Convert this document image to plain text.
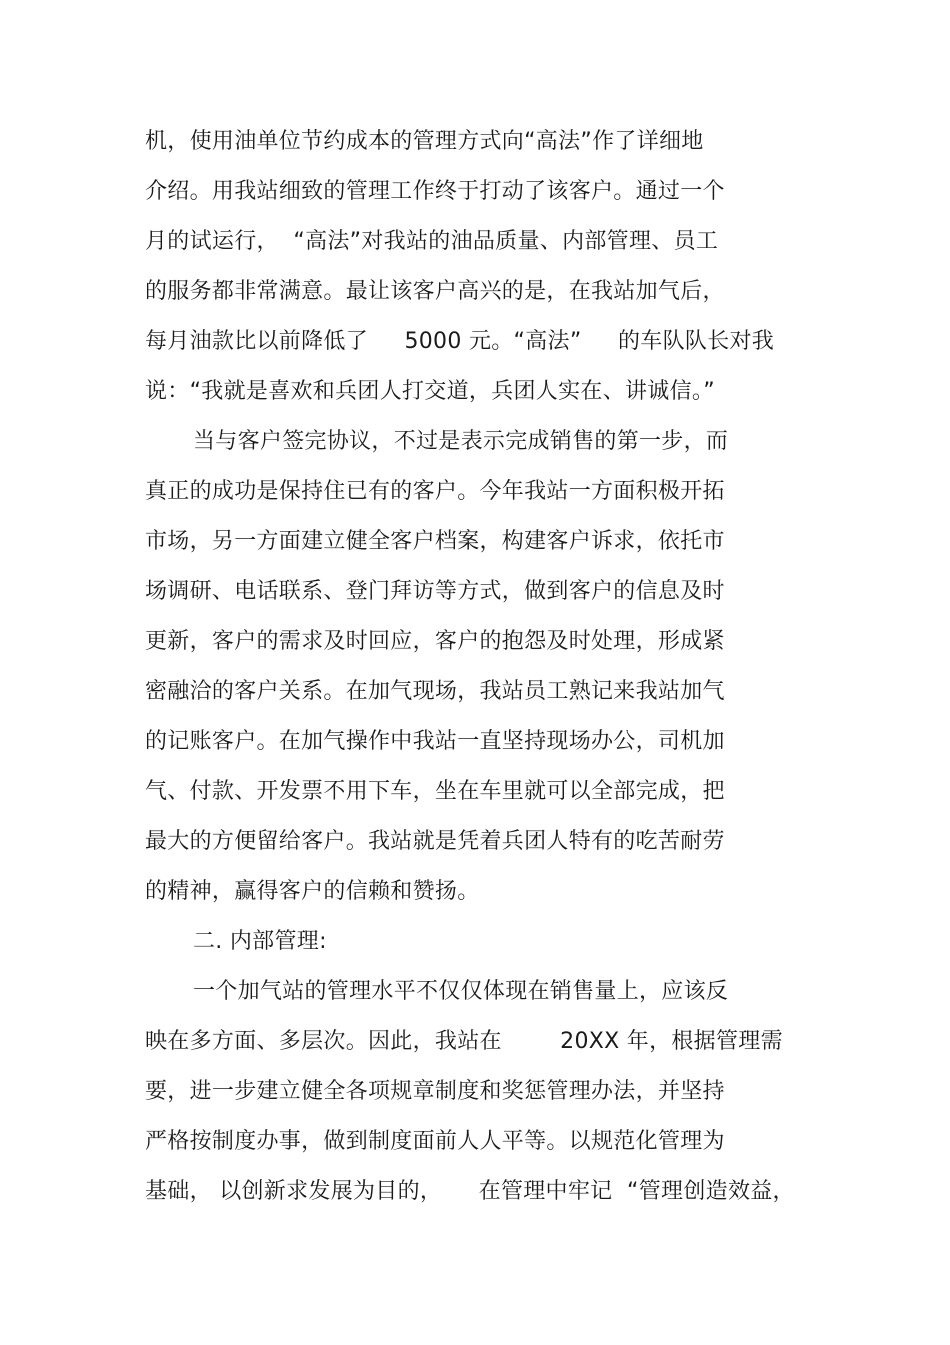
机，使用油单位节约成本的管理方式向“高法”作了详细地
介绍。用我站细致的管理工作终于打动了该客户。通过一个
月的试运行，  “高法”对我站的油品质量、内部管理、员工
的服务都非常满意。最让该客户高兴的是，在我站加气后，
每月油款比以前降低了     5000 元。“高法”     的车队队长对我
说：“我就是喜欢和兵团人打交道，兵团人实在、讲诚信。”
当与客户签完协议，不过是表示完成销售的第一步，而
真正的成功是保持住已有的客户。今年我站一方面积极开拓
市场，另一方面建立健全客户档案，构建客户诉求，依托市
场调研、电话联系、登门拜访等方式，做到客户的信息及时
更新，客户的需求及时回应，客户的抱怨及时处理，形成紧
密融洽的客户关系。在加气现场，我站员工熟记来我站加气
的记账客户。在加气操作中我站一直坚持现场办公，司机加
气、付款、开发票不用下车，坐在车里就可以全部完成，把
最大的方便留给客户。我站就是凭着兵团人特有的吃苦耐劳
的精神，赢得客户的信赖和赞扬。
二. 内部管理:
一个加气站的管理水平不仅仅体现在销售量上，应该反
映在多方面、多层次。因此，我站在        20XX 年，根据管理需
要，进一步建立健全各项规章制度和奖惩管理办法，并坚持
严格按制度办事，做到制度面前人人平等。以规范化管理为
基础， 以创新求发展为目的，     在管理中牢记  “管理创造效益，
